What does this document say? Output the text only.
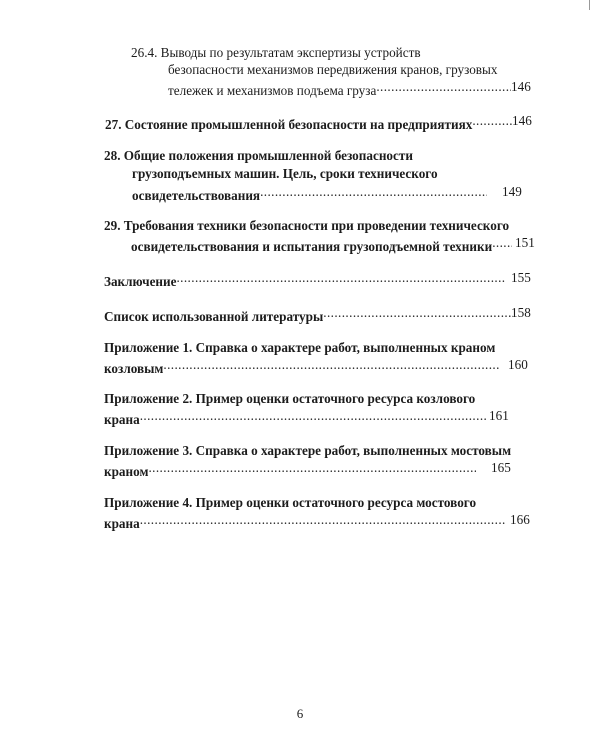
26.4. Выводы по результатам экспертизы устройств
безопасности механизмов передвижения кранов, грузовых
тележек и механизмов подъема груза .....	146
27. Состояние промышленной безопасности на предприятиях .....	146
28. Общие положения промышленной безопасности
грузоподъемных машин. Цель, сроки технического
освидетельствования .....	149
29. Требования техники безопасности при проведении технического
освидетельствования и испытания грузоподъемной техники .....	151
Заключение .....	155
Список использованной литературы .....	158
Приложение 1. Справка о характере работ, выполненных краном
козловым .....	160
Приложение 2. Пример оценки остаточного ресурса козлового
крана .....	161
Приложение 3. Справка о характере работ, выполненных мостовым
краном .....	165
Приложение 4. Пример оценки остаточного ресурса мостового
крана .....	166
6
